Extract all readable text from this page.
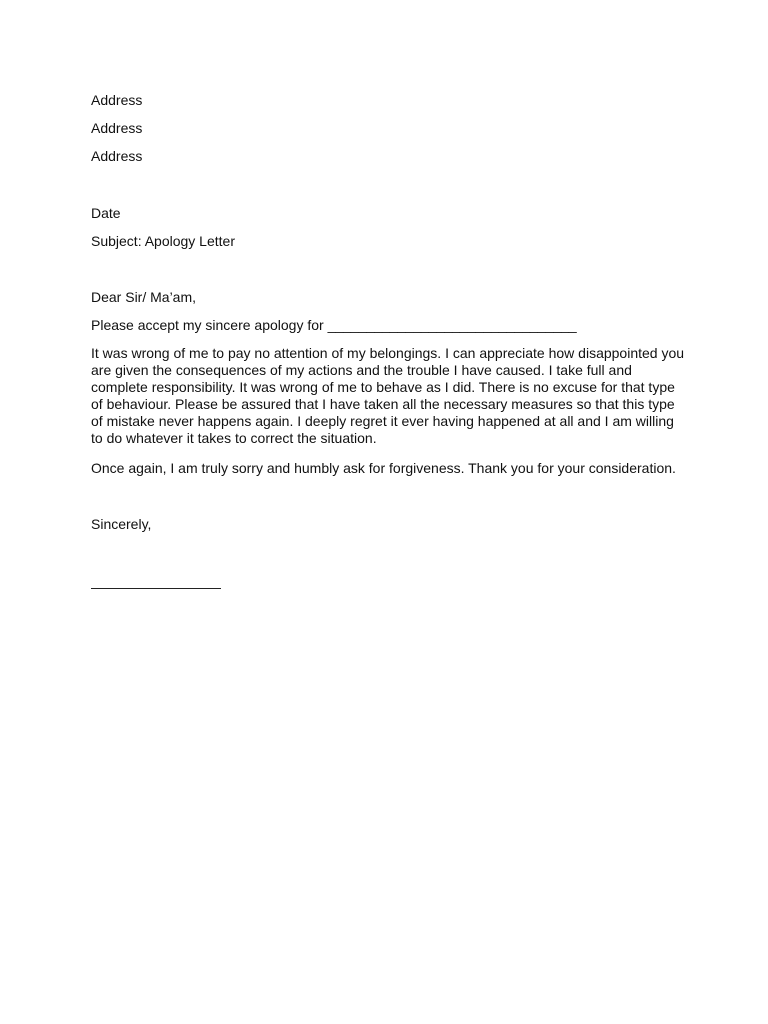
Address
Address
Address
Date
Subject: Apology Letter
Dear Sir/ Ma’am,
Please accept my sincere apology for ________________________________
It was wrong of me to pay no attention of my belongings. I can appreciate how disappointed you
are given the consequences of my actions and the trouble I have caused. I take full and
complete responsibility. It was wrong of me to behave as I did. There is no excuse for that type
of behaviour. Please be assured that I have taken all the necessary measures so that this type
of mistake never happens again. I deeply regret it ever having happened at all and I am willing
to do whatever it takes to correct the situation.
Once again, I am truly sorry and humbly ask for forgiveness. Thank you for your consideration.
Sincerely,
